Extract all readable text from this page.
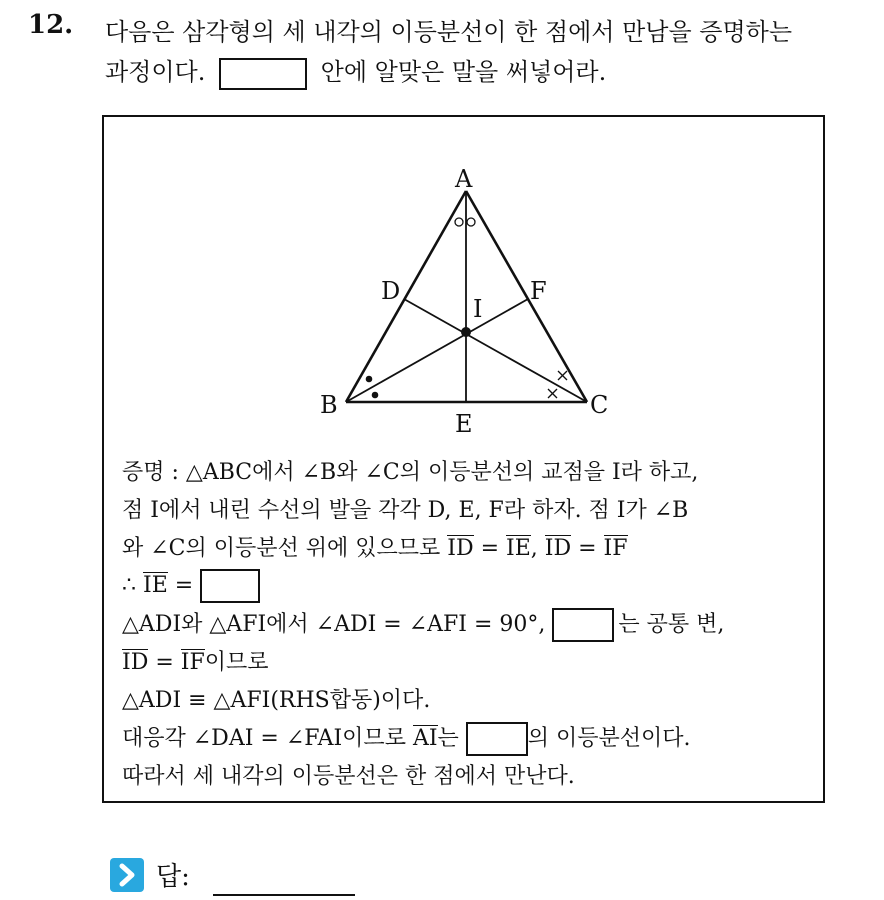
12. 다음은 삼각형의 세 내각의 이등분선이 한 점에서 만남을 증명하는
과정이다.	안에 알맞은 말을 써넣어라.
A
B	C
D
E
F
I
증명 : △ABC에서 ∠B와 ∠C의 이등분선의 교점을 I라 하고,
점 I에서 내린 수선의 발을 각각 D, E, F라 하자. 점 I가 ∠B
와 ∠C의 이등분선 위에 있으므로 ID = IE, ID = IF
∴ IE =
△ADI와 △AFI에서 ∠ADI = ∠AFI = 90°,	는 공통 변,
ID = IF이므로
△ADI ≡ △AFI(RHS합동)이다.
대응각 ∠DAI = ∠FAI이므로 AI는	의 이등분선이다.
따라서 세 내각의 이등분선은 한 점에서 만난다.
답:
